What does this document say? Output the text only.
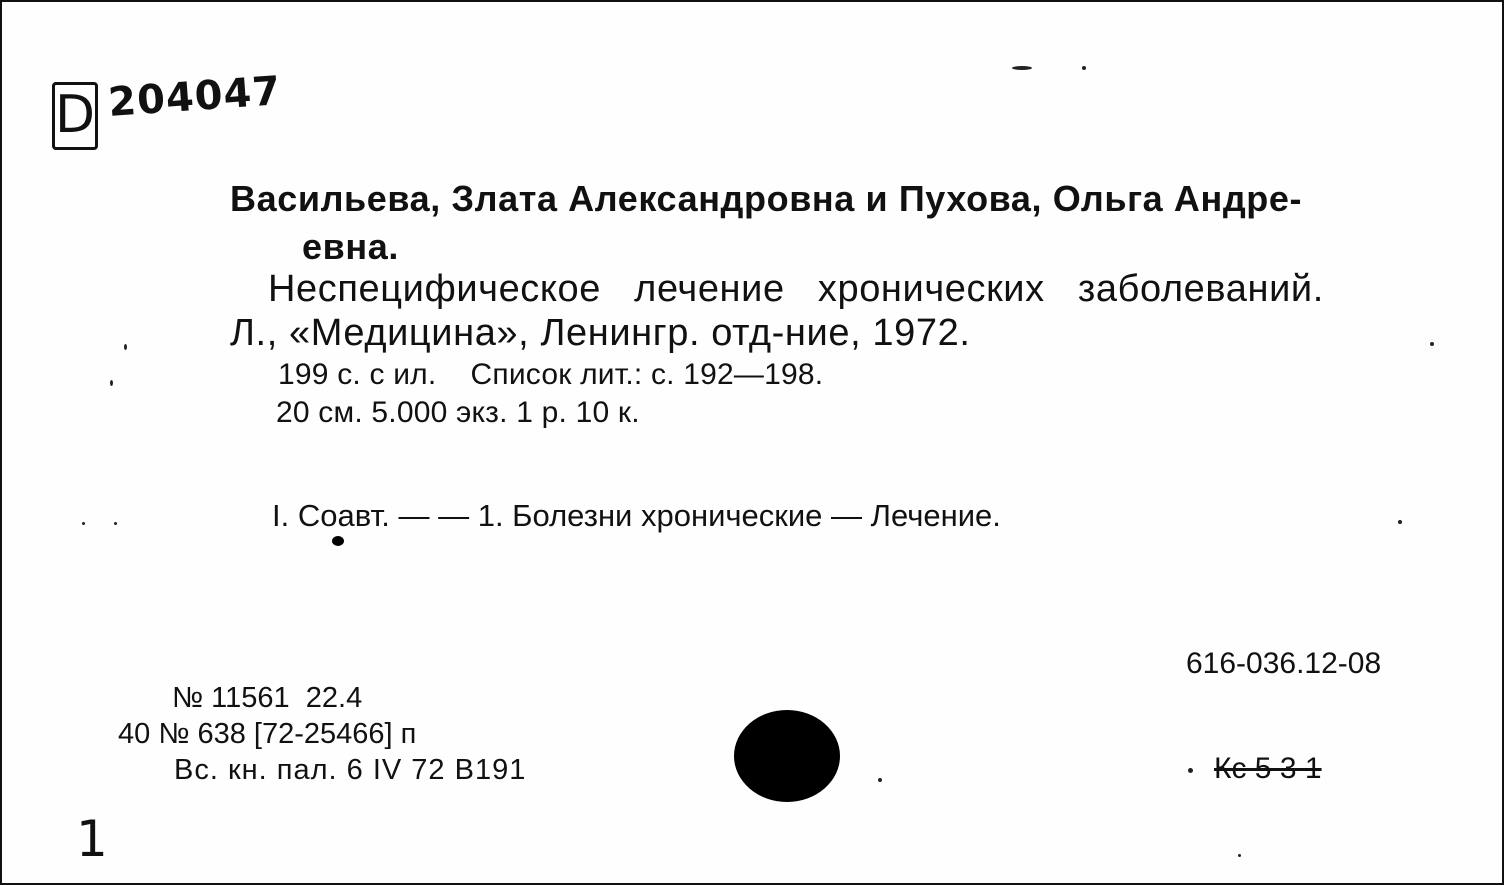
D 204047
Васильева, Злата Александровна и Пухова, Ольга Андре-
евна.
Неспецифическое лечение хронических заболеваний.
Л., «Медицина», Ленингр. отд-ние, 1972.
199 с. с ил.    Список лит.: с. 192—198.
20 см. 5.000 экз. 1 р. 10 к.
I. Соавт. — — 1. Болезни хронические — Лечение.
616-036.12-08
№ 11561  22.4
40 № 638 [72-25466] п
Вс. кн. пал. 6 IV 72 В191	Кс 5 3 1
1
